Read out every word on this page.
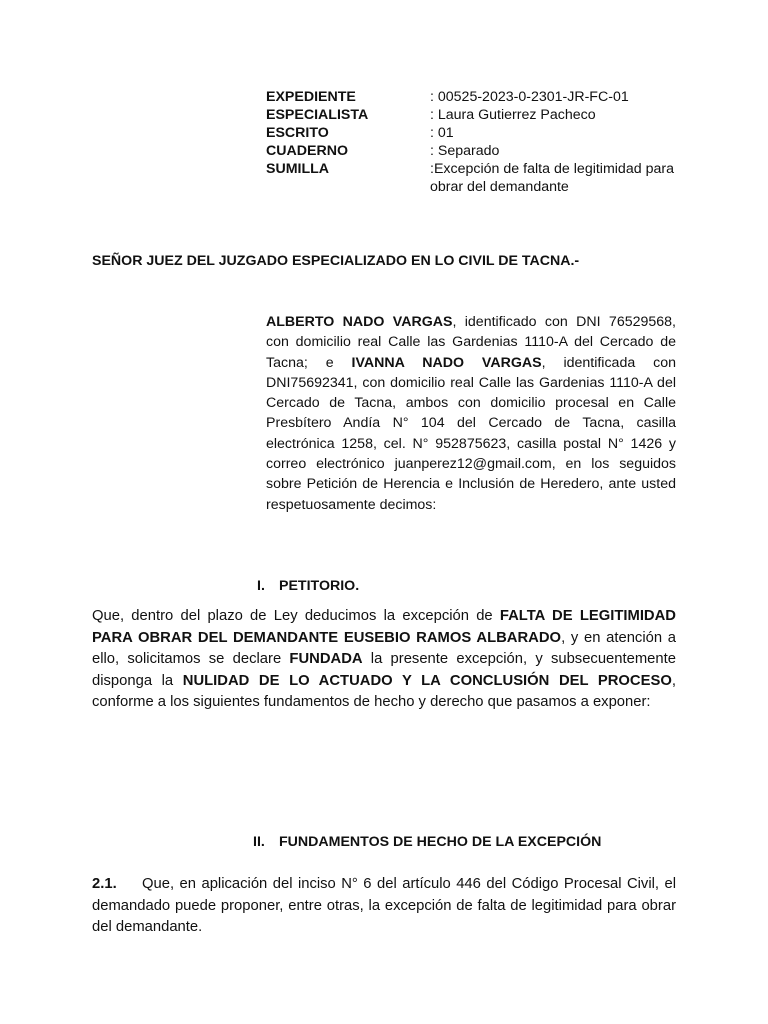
EXPEDIENTE	: 00525-2023-0-2301-JR-FC-01
ESPECIALISTA	: Laura Gutierrez Pacheco
ESCRITO	: 01
CUADERNO	: Separado
SUMILLA	:Excepción de falta de legitimidad para obrar del demandante
SEÑOR JUEZ DEL JUZGADO ESPECIALIZADO EN LO CIVIL DE TACNA.-
ALBERTO NADO VARGAS, identificado con DNI 76529568, con domicilio real Calle las Gardenias 1110-A del Cercado de Tacna; e IVANNA NADO VARGAS, identificada con DNI75692341, con domicilio real Calle las Gardenias 1110-A del Cercado de Tacna, ambos con domicilio procesal en Calle Presbítero Andía N° 104 del Cercado de Tacna, casilla electrónica 1258, cel. N° 952875623, casilla postal N° 1426 y correo electrónico juanperez12@gmail.com, en los seguidos sobre Petición de Herencia e Inclusión de Heredero, ante usted respetuosamente decimos:
I. PETITORIO.
Que, dentro del plazo de Ley deducimos la excepción de FALTA DE LEGITIMIDAD PARA OBRAR DEL DEMANDANTE EUSEBIO RAMOS ALBARADO, y en atención a ello, solicitamos se declare FUNDADA la presente excepción, y subsecuentemente disponga la NULIDAD DE LO ACTUADO Y LA CONCLUSIÓN DEL PROCESO, conforme a los siguientes fundamentos de hecho y derecho que pasamos a exponer:
II. FUNDAMENTOS DE HECHO DE LA EXCEPCIÓN
2.1. Que, en aplicación del inciso N° 6 del artículo 446 del Código Procesal Civil, el demandado puede proponer, entre otras, la excepción de falta de legitimidad para obrar del demandante.
